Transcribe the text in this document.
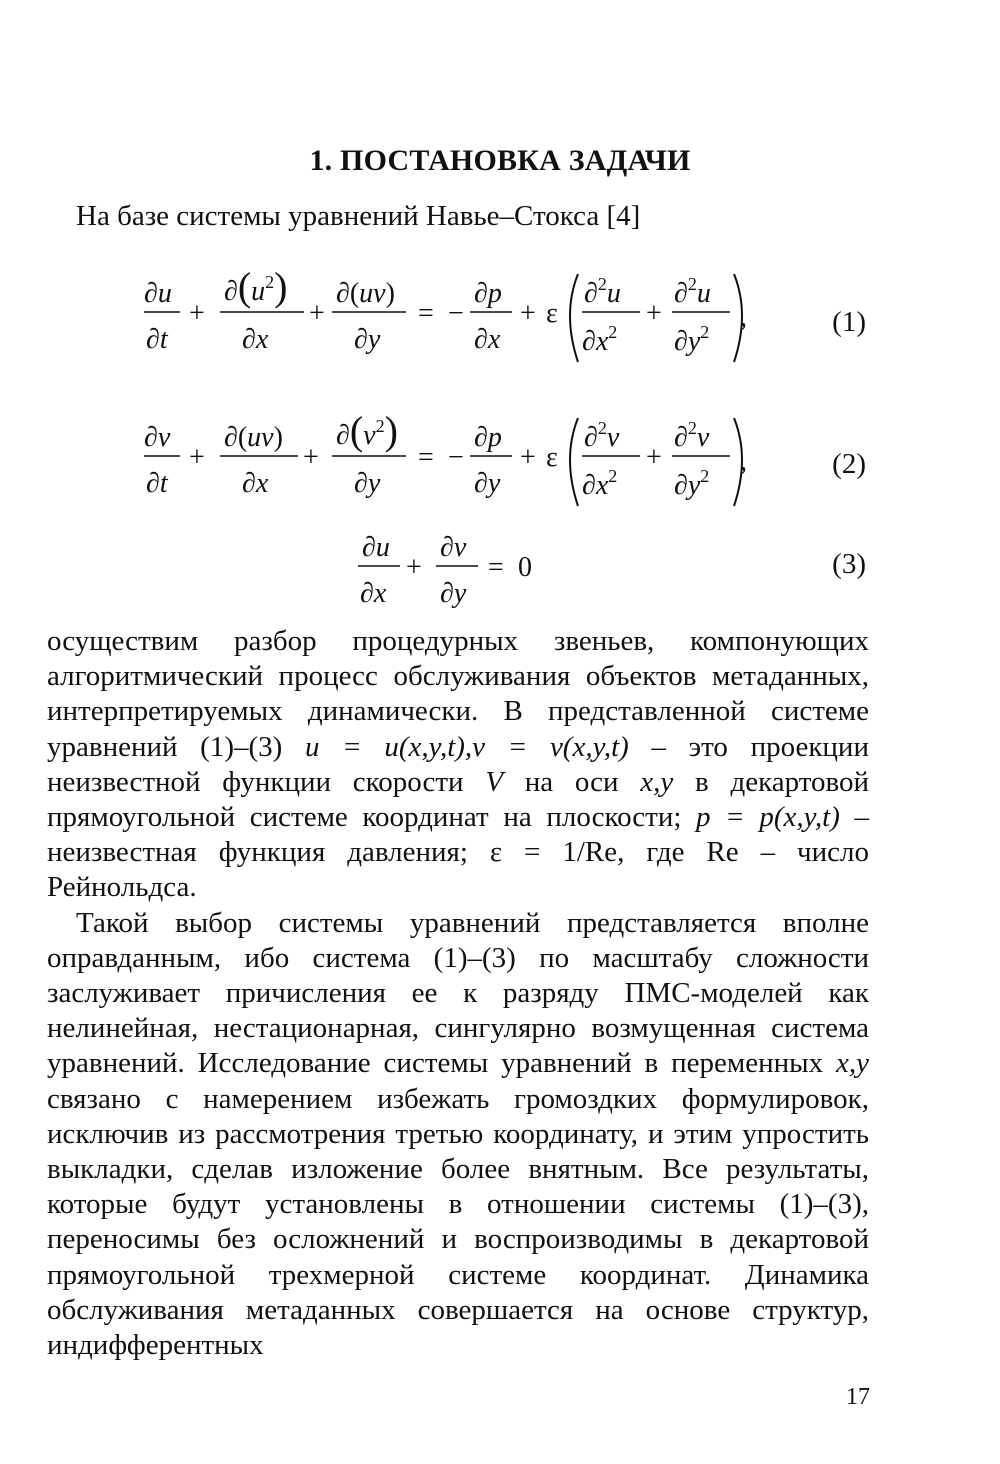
1. ПОСТАНОВКА ЗАДАЧИ
На базе системы уравнений Навье–Стокса [4]
∂u
∂t
+
$\partial(u^2)$
∂x
+
∂(uv)
∂y
= −
∂p
∂x
+ ε
∂$^2$u
$\partial x^2$
+
∂$^2$u
$\partial y^2$ ,	(1)
∂v
∂t
+
∂(uv)
∂x
+
$\partial(v^2)$
∂y
= −
∂p
∂y
+ ε
∂$^2$v
$\partial x^2$
+
∂$^2$v
$\partial y^2$ ,	(2)
∂u
∂x
+
∂v
∂y
= 0	(3)

осуществим разбор процедурных звеньев, компонующих алгоритмический процесс обслуживания объектов метаданных, интерпретируемых динамически. В представленной системе уравнений (1)–(3) u = u(x,y,t),v = v(x,y,t) – это проекции неизвестной функции скорости V на оси x,y в декартовой прямоугольной системе координат на плоскости; p = p(x,y,t) – неизвестная функция давления; ε = 1/Re, где Re – число Рейнольдса.

Такой выбор системы уравнений представляется вполне оправданным, ибо система (1)–(3) по масштабу сложности заслуживает причисления ее к разряду ПМС-моделей как нелинейная, нестационарная, сингулярно возмущенная система уравнений. Исследование системы уравнений в переменных x,y связано с намерением избежать громоздких формулировок, исключив из рассмотрения третью координату, и этим упростить выкладки, сделав изложение более внятным. Все результаты, которые будут установлены в отношении системы (1)–(3), переносимы без осложнений и воспроизводимы в декартовой прямоугольной трехмерной системе координат. Динамика обслуживания метаданных совершается на основе структур, индифферентных

17
